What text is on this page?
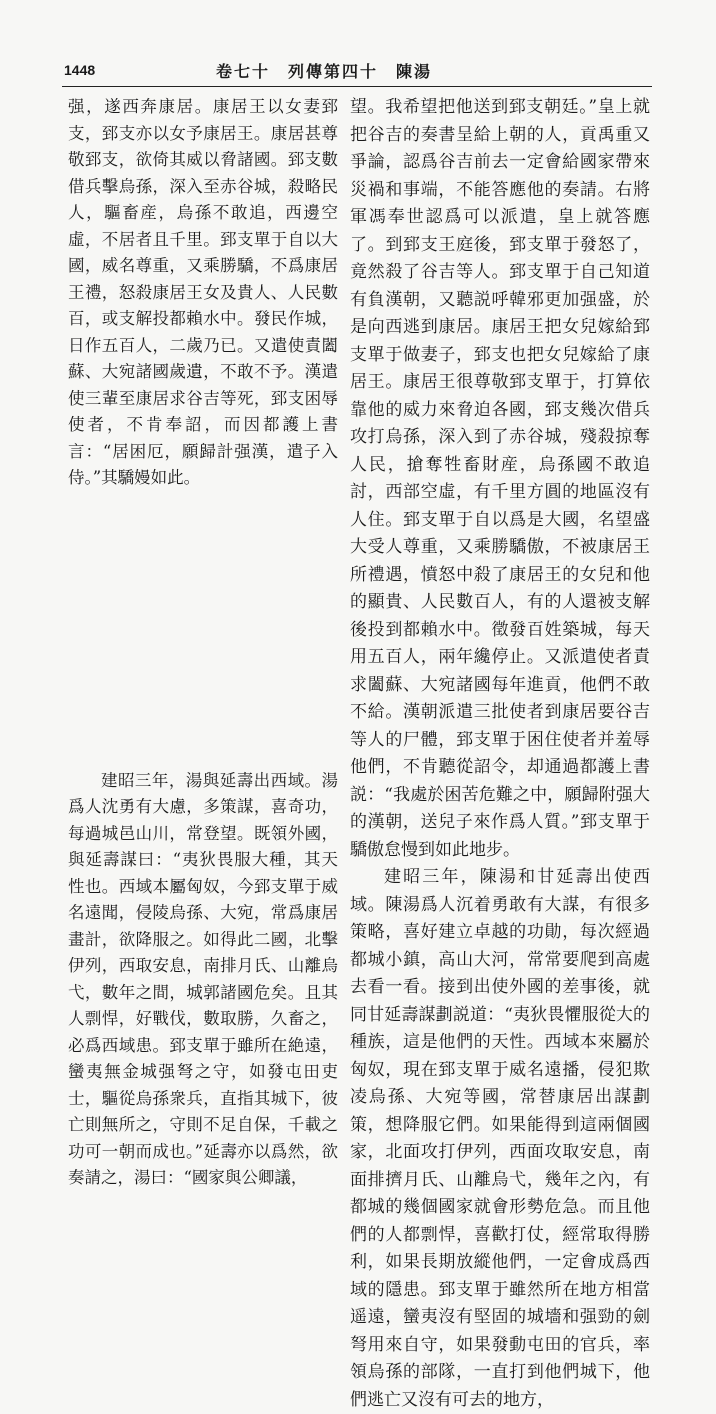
1448	卷七十　列傳第四十　陳湯

强，遂西奔康居。康居王以女妻郅支，郅支亦以女予康居王。康居甚尊敬郅支，欲倚其威以脅諸國。郅支數借兵擊烏孫，深入至赤谷城，殺略民人，驅畜産，烏孫不敢追，西邊空虛，不居者且千里。郅支單于自以大國，威名尊重，又乘勝驕，不爲康居王禮，怒殺康居王女及貴人、人民數百，或支解投都賴水中。發民作城，日作五百人，二歲乃已。又遣使責闔蘇、大宛諸國歲遺，不敢不予。漢遣使三輩至康居求谷吉等死，郅支困辱使者，不肯奉詔，而因都護上書言：“居困厄，願歸計强漢，遣子入侍。”其驕嫚如此。

建昭三年，湯與延壽出西域。湯爲人沈勇有大慮，多策謀，喜奇功，每過城邑山川，常登望。既領外國，與延壽謀曰：“夷狄畏服大種，其天性也。西域本屬匈奴，今郅支單于威名遠聞，侵陵烏孫、大宛，常爲康居畫計，欲降服之。如得此二國，北擊伊列，西取安息，南排月氏、山離烏弋，數年之間，城郭諸國危矣。且其人剽悍，好戰伐，數取勝，久畜之，必爲西域患。郅支單于雖所在絶遠，蠻夷無金城强弩之守，如發屯田吏士，驅從烏孫衆兵，直指其城下，彼亡則無所之，守則不足自保，千載之功可一朝而成也。”延壽亦以爲然，欲奏請之，湯曰：“國家與公卿議，

望。我希望把他送到郅支朝廷。”皇上就把谷吉的奏書呈給上朝的人，貢禹重又爭論，認爲谷吉前去一定會給國家帶來災禍和事端，不能答應他的奏請。右將軍馮奉世認爲可以派遣，皇上就答應了。到郅支王庭後，郅支單于發怒了，竟然殺了谷吉等人。郅支單于自己知道有負漢朝，又聽説呼韓邪更加强盛，於是向西逃到康居。康居王把女兒嫁給郅支單于做妻子，郅支也把女兒嫁給了康居王。康居王很尊敬郅支單于，打算依靠他的威力來脅迫各國，郅支幾次借兵攻打烏孫，深入到了赤谷城，殘殺掠奪人民，搶奪牲畜財産，烏孫國不敢追討，西部空虛，有千里方圓的地區沒有人住。郅支單于自以爲是大國，名望盛大受人尊重，又乘勝驕傲，不被康居王所禮遇，憤怒中殺了康居王的女兒和他的顯貴、人民數百人，有的人還被支解後投到都賴水中。徵發百姓築城，每天用五百人，兩年纔停止。又派遣使者責求闔蘇、大宛諸國每年進貢，他們不敢不給。漢朝派遣三批使者到康居要谷吉等人的尸體，郅支單于困住使者并羞辱他們，不肯聽從詔令，却通過都護上書説：“我處於困苦危難之中，願歸附强大的漢朝，送兒子來作爲人質。”郅支單于驕傲怠慢到如此地步。

建昭三年，陳湯和甘延壽出使西域。陳湯爲人沉着勇敢有大謀，有很多策略，喜好建立卓越的功勛，每次經過都城小鎮，高山大河，常常要爬到高處去看一看。接到出使外國的差事後，就同甘延壽謀劃説道：“夷狄畏懼服從大的種族，這是他們的天性。西域本來屬於匈奴，現在郅支單于威名遠播，侵犯欺凌烏孫、大宛等國，常替康居出謀劃策，想降服它們。如果能得到這兩個國家，北面攻打伊列，西面攻取安息，南面排擠月氏、山離烏弋，幾年之內，有都城的幾個國家就會形勢危急。而且他們的人都剽悍，喜歡打仗，經常取得勝利，如果長期放縱他們，一定會成爲西域的隱患。郅支單于雖然所在地方相當遥遠，蠻夷沒有堅固的城墻和强勁的劍弩用來自守，如果發動屯田的官兵，率領烏孫的部隊，一直打到他們城下，他們逃亡又沒有可去的地方，
